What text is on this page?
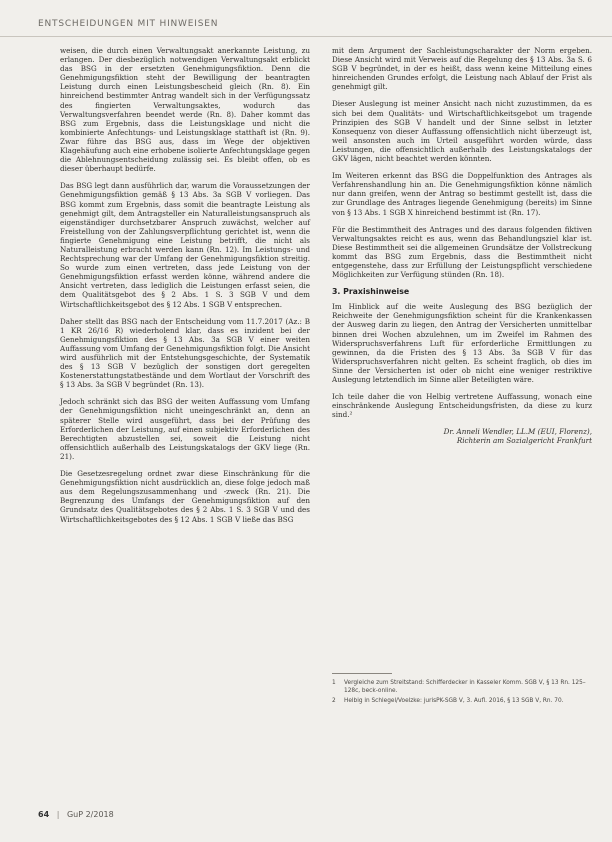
ENTSCHEIDUNGEN MIT HINWEISEN

weisen, die durch einen Verwaltungsakt anerkannte Leistung, zu erlangen. Der diesbezüglich notwendigen Verwaltungsakt erblickt das BSG in der ersetzten Genehmigungsfiktion. Denn die Genehmigungsfiktion steht der Bewilligung der beantragten Leistung durch einen Leistungsbescheid gleich (Rn. 8). Ein hinreichend bestimmter Antrag wandelt sich in der Verfügungssatz des fingierten Verwaltungsaktes, wodurch das Verwaltungsverfahren beendet werde (Rn. 8). Daher kommt das BSG zum Ergebnis, dass die Leistungsklage und nicht die kombinierte Anfechtungs- und Leistungsklage statthaft ist (Rn. 9). Zwar führe das BSG aus, dass im Wege der objektiven Klagehäufung auch eine erhobene isolierte Anfechtungsklage gegen die Ablehnungsentscheidung zulässig sei. Es bleibt offen, ob es dieser überhaupt bedürfe.

Das BSG legt dann ausführlich dar, warum die Voraussetzungen der Genehmigungsfiktion gemäß § 13 Abs. 3a SGB V vorliegen. Das BSG kommt zum Ergebnis, dass somit die beantragte Leistung als genehmigt gilt, dem Antragsteller ein Naturalleistungsanspruch als eigenständiger durchsetzbarer Anspruch zuwächst, welcher auf Freistellung von der Zahlungsverpflichtung gerichtet ist, wenn die fingierte Genehmigung eine Leistung betrifft, die nicht als Naturalleistung erbracht werden kann (Rn. 12). Im Leistungs- und Rechtsprechung war der Umfang der Genehmigungsfiktion streitig. So wurde zum einen vertreten, dass jede Leistung von der Genehmigungsfiktion erfasst werden könne, während andere die Ansicht vertreten, dass lediglich die Leistungen erfasst seien, die dem Qualitätsgebot des § 2 Abs. 1 S. 3 SGB V und dem Wirtschaftlichkeitsgebot des § 12 Abs. 1 SGB V entsprechen.

Daher stellt das BSG nach der Entscheidung vom 11.7.2017 (Az.: B 1 KR 26/16 R) wiederholend klar, dass es inzident bei der Genehmigungsfiktion des § 13 Abs. 3a SGB V einer weiten Auffassung vom Umfang der Genehmigungsfiktion folgt. Die Ansicht wird ausführlich mit der Entstehungsgeschichte, der Systematik des § 13 SGB V bezüglich der sonstigen dort geregelten Kostenerstattungstatbestände und dem Wortlaut der Vorschrift des § 13 Abs. 3a SGB V begründet (Rn. 13).

Jedoch schränkt sich das BSG der weiten Auffassung vom Umfang der Genehmigungsfiktion nicht uneingeschränkt an, denn an späterer Stelle wird ausgeführt, dass bei der Prüfung des Erforderlichen der Leistung, auf einen subjektiv Erforderlichen des Berechtigten abzustellen sei, soweit die Leistung nicht offensichtlich außerhalb des Leistungskatalogs der GKV liege (Rn. 21).

Die Gesetzesregelung ordnet zwar diese Einschränkung für die Genehmigungsfiktion nicht ausdrücklich an, diese folge jedoch maß aus dem Regelungszusammenhang und -zweck (Rn. 21). Die Begrenzung des Umfangs der Genehmigungsfiktion auf den Grundsatz des Qualitätsgebotes des § 2 Abs. 1 S. 3 SGB V und des Wirtschaftlichkeitsgebotes des § 12 Abs. 1 SGB V ließe das BSG

mit dem Argument der Sachleistungscharakter der Norm ergeben. Diese Ansicht wird mit Verweis auf die Regelung des § 13 Abs. 3a S. 6 SGB V begründet, in der es heißt, dass wenn keine Mitteilung eines hinreichenden Grundes erfolgt, die Leistung nach Ablauf der Frist als genehmigt gilt.

Dieser Auslegung ist meiner Ansicht nach nicht zuzustimmen, da es sich bei dem Qualitäts- und Wirtschaftlichkeitsgebot um tragende Prinzipien des SGB V handelt und der Sinne selbst in letzter Konsequenz von dieser Auffassung offensichtlich nicht überzeugt ist, weil ansonsten auch im Urteil ausgeführt worden würde, dass Leistungen, die offensichtlich außerhalb des Leistungskatalogs der GKV lägen, nicht beachtet werden könnten.

Im Weiteren erkennt das BSG die Doppelfunktion des Antrages als Verfahrenshandlung hin an. Die Genehmigungsfiktion könne nämlich nur dann greifen, wenn der Antrag so bestimmt gestellt ist, dass die zur Grundlage des Antrages liegende Genehmigung (bereits) im Sinne von § 13 Abs. 1 SGB X hinreichend bestimmt ist (Rn. 17).

Für die Bestimmtheit des Antrages und des daraus folgenden fiktiven Verwaltungsaktes reicht es aus, wenn das Behandlungsziel klar ist. Diese Bestimmtheit sei die allgemeinen Grundsätze der Vollstreckung kommt das BSG zum Ergebnis, dass die Bestimmtheit nicht entgegenstehe, dass zur Erfüllung der Leistungspflicht verschiedene Möglichkeiten zur Verfügung stünden (Rn. 18).

3. Praxishinweise

Im Hinblick auf die weite Auslegung des BSG bezüglich der Reichweite der Genehmigungsfiktion scheint für die Krankenkassen der Ausweg darin zu liegen, den Antrag der Versicherten unmittelbar binnen drei Wochen abzulehnen, um im Zweifel im Rahmen des Widerspruchsverfahrens Luft für erforderliche Ermittlungen zu gewinnen, da die Fristen des § 13 Abs. 3a SGB V für das Widerspruchsverfahren nicht gelten. Es scheint fraglich, ob dies im Sinne der Versicherten ist oder ob nicht eine weniger restriktive Auslegung letztendlich im Sinne aller Beteiligten wäre.

Ich teile daher die von Helbig vertretene Auffassung, wonach eine einschränkende Auslegung Entscheidungsfristen, da diese zu kurz sind.²

Dr. Anneli Wendler, LL.M (EUI, Florenz),
Richterin am Sozialgericht Frankfurt

1	Vergleiche zum Streitstand: Schifferdecker in Kasseler Komm. SGB V, § 13 Rn. 125–128c, beck-online.
2	Helbig in Schlegel/Voelzke: jurisPK-SGB V, 3. Aufl. 2016, § 13 SGB V, Rn. 70.
64 | GuP 2/2018
